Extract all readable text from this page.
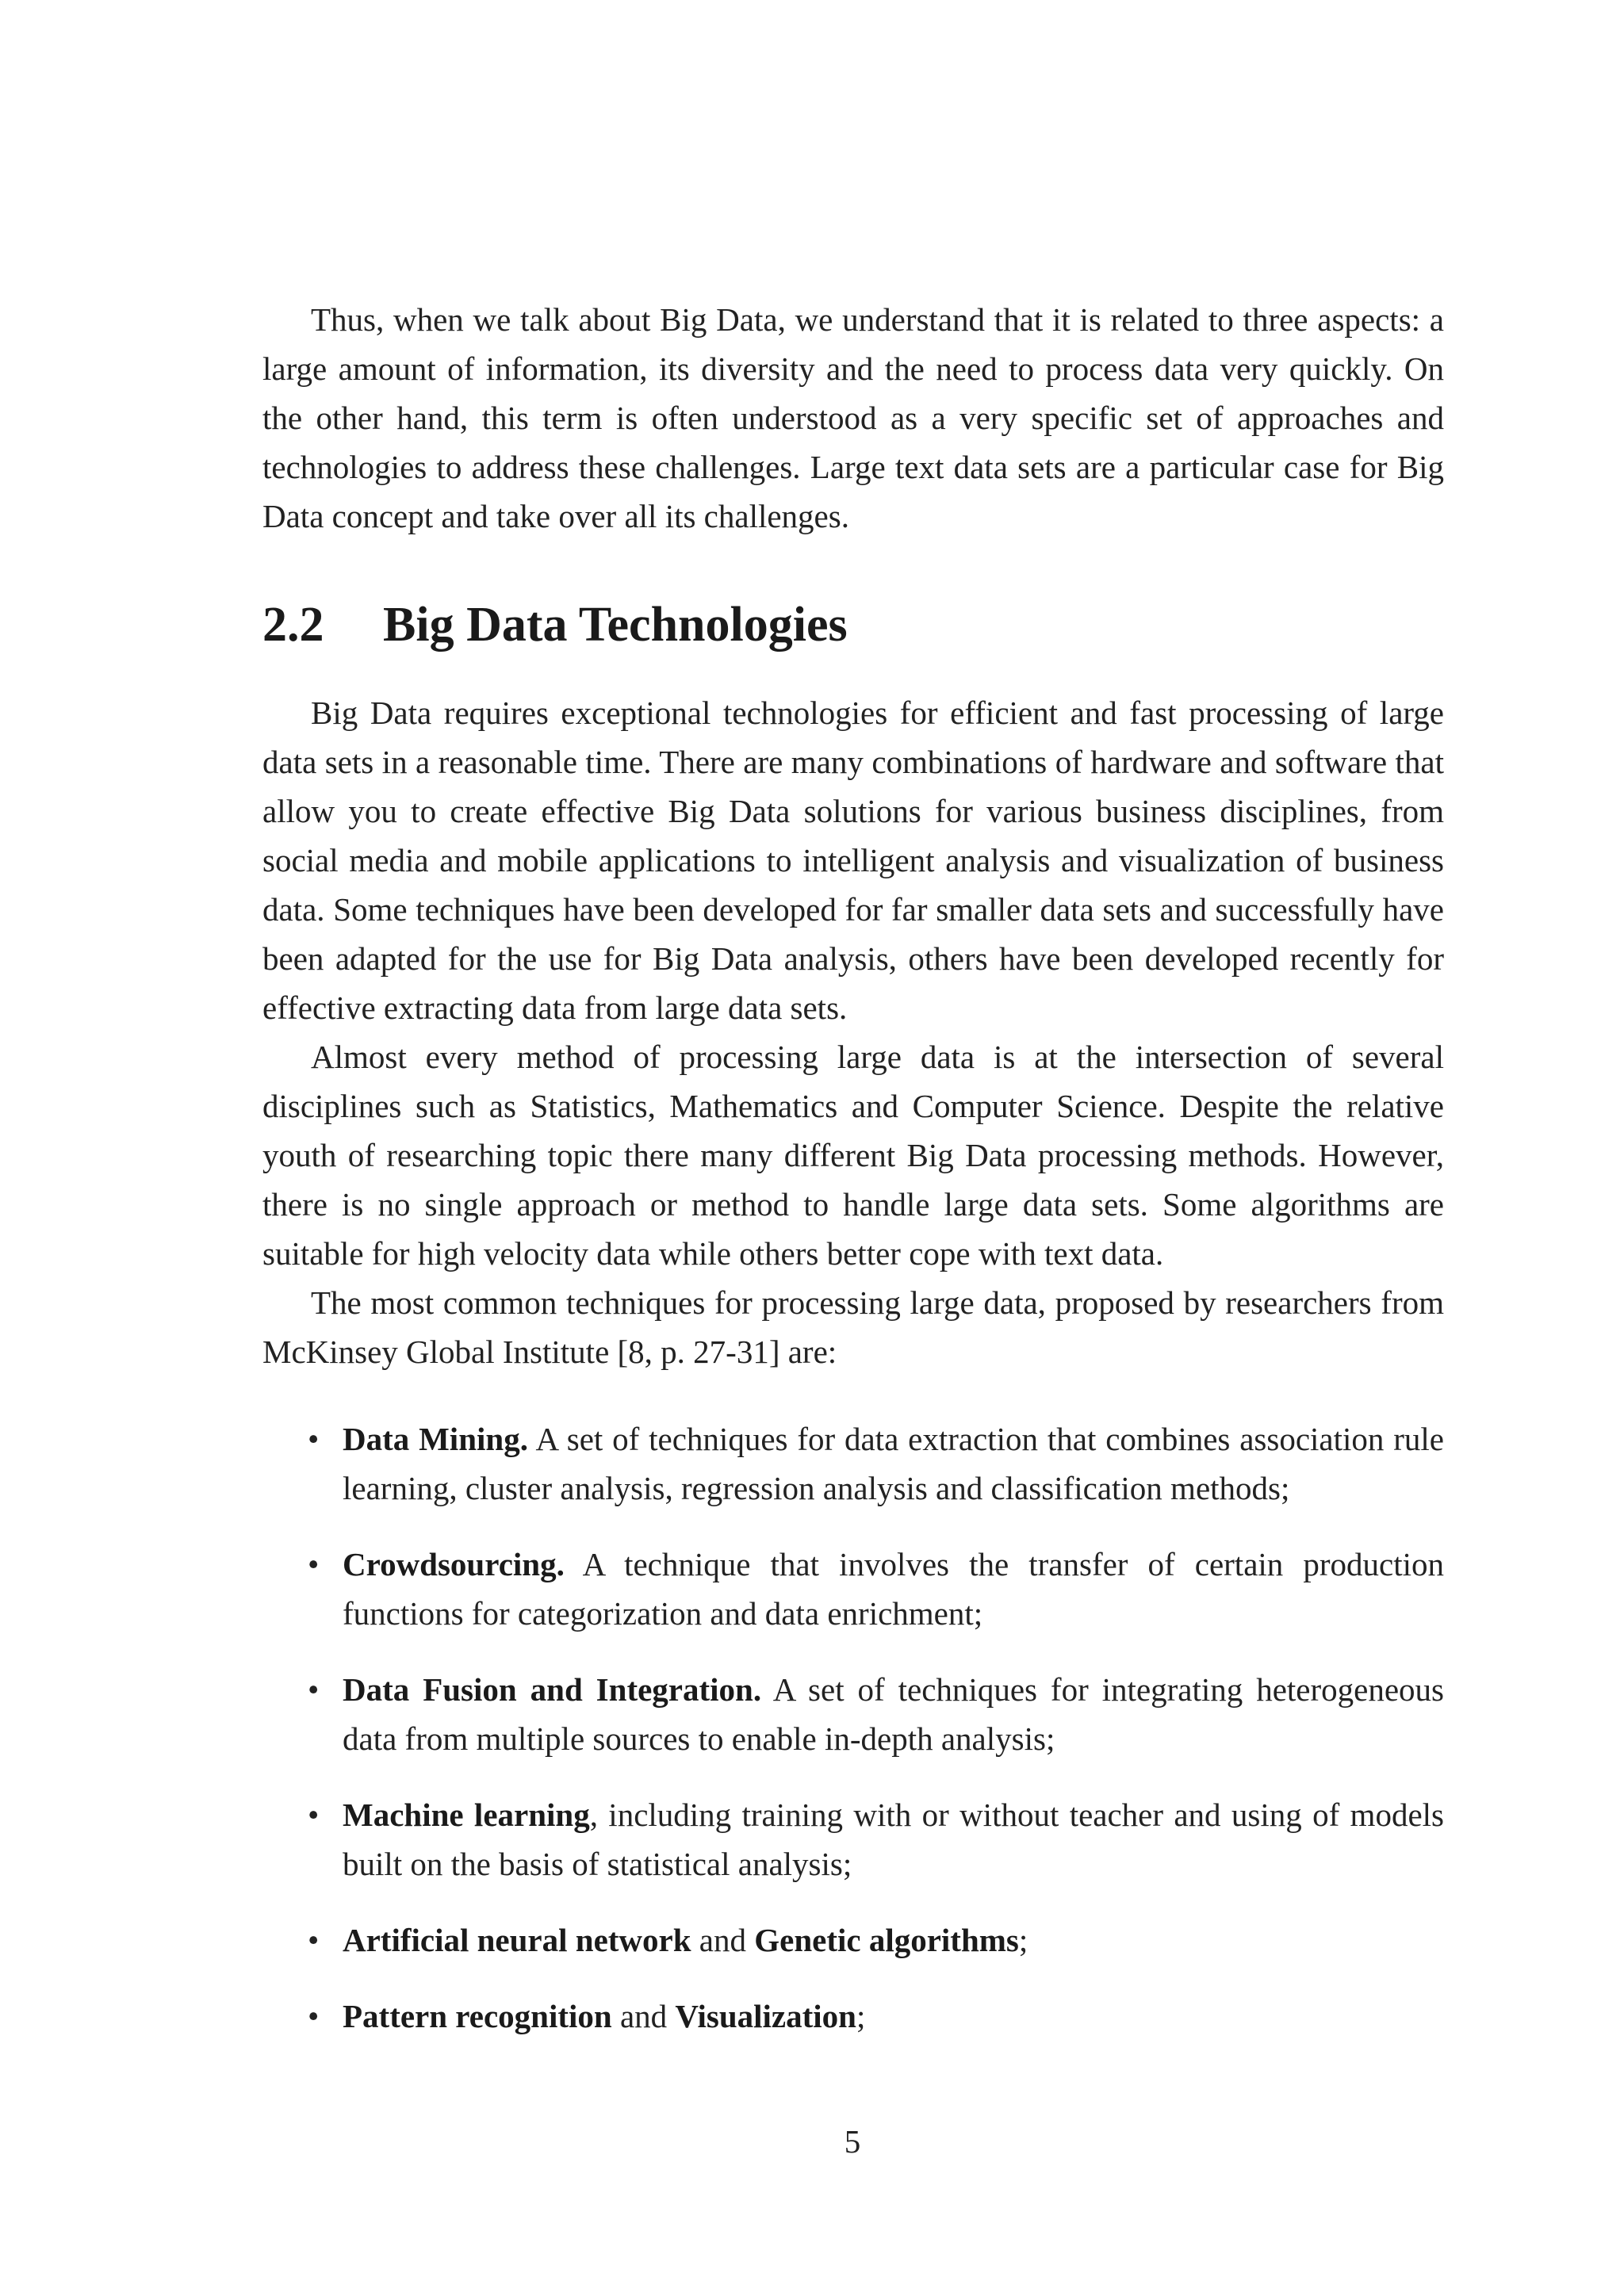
Thus, when we talk about Big Data, we understand that it is related to three aspects: a large amount of information, its diversity and the need to process data very quickly. On the other hand, this term is often understood as a very specific set of approaches and technologies to address these challenges. Large text data sets are a particular case for Big Data concept and take over all its challenges.

2.2 Big Data Technologies

Big Data requires exceptional technologies for efficient and fast processing of large data sets in a reasonable time. There are many combinations of hardware and software that allow you to create effective Big Data solutions for various business disciplines, from social media and mobile applications to intelligent analysis and visualization of business data. Some techniques have been developed for far smaller data sets and successfully have been adapted for the use for Big Data analysis, others have been developed recently for effective extracting data from large data sets.

Almost every method of processing large data is at the intersection of several disciplines such as Statistics, Mathematics and Computer Science. Despite the relative youth of researching topic there many different Big Data processing methods. However, there is no single approach or method to handle large data sets. Some algorithms are suitable for high velocity data while others better cope with text data.

The most common techniques for processing large data, proposed by researchers from McKinsey Global Institute [8, p. 27-31] are:

• Data Mining. A set of techniques for data extraction that combines association rule learning, cluster analysis, regression analysis and classification methods;
• Crowdsourcing. A technique that involves the transfer of certain production functions for categorization and data enrichment;
• Data Fusion and Integration. A set of techniques for integrating heterogeneous data from multiple sources to enable in-depth analysis;
• Machine learning, including training with or without teacher and using of models built on the basis of statistical analysis;
• Artificial neural network and Genetic algorithms;
• Pattern recognition and Visualization;
5
